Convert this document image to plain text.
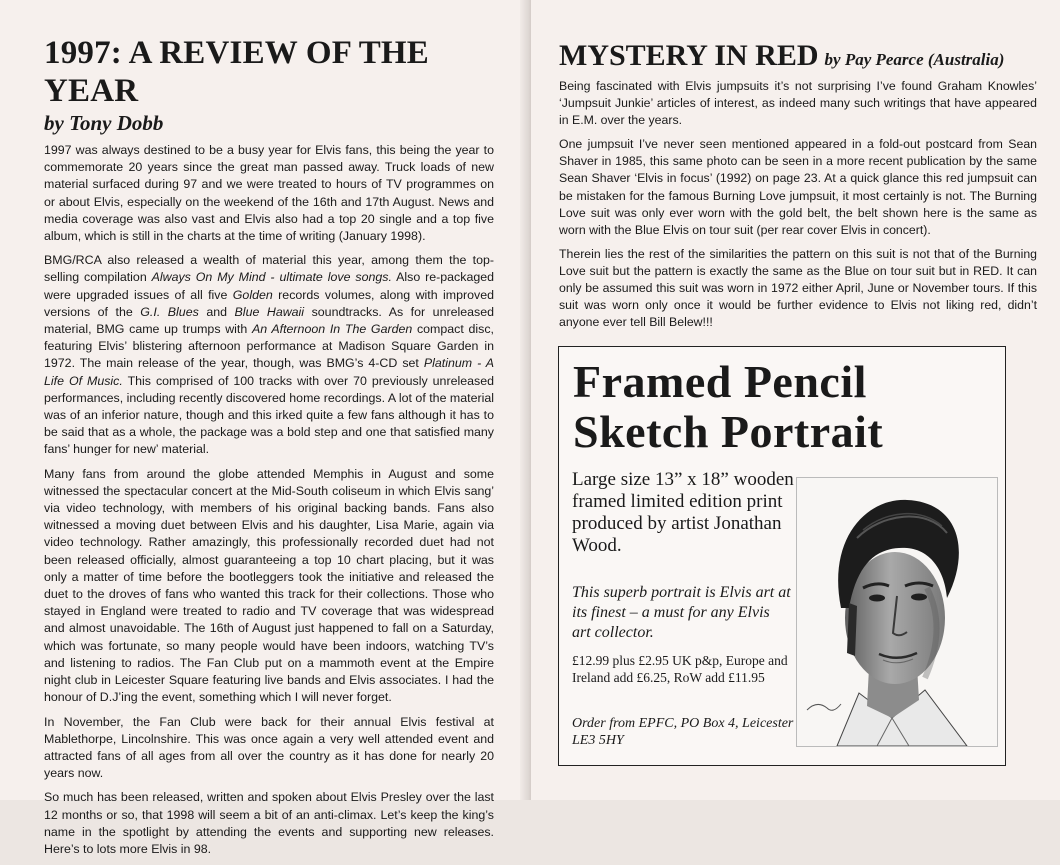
1997: A REVIEW OF THE YEAR
by Tony Dobb

1997 was always destined to be a busy year for Elvis fans, this being the year to commemorate 20 years since the great man passed away. Truck loads of new material surfaced during 97 and we were treated to hours of TV programmes on or about Elvis, especially on the weekend of the 16th and 17th August. News and media coverage was also vast and Elvis also had a top 20 single and a top five album, which is still in the charts at the time of writing (January 1998).

BMG/RCA also released a wealth of material this year, among them the top-selling compilation Always On My Mind - ultimate love songs. Also re-packaged were upgraded issues of all five Golden records volumes, along with improved versions of the G.I. Blues and Blue Hawaii soundtracks. As for unreleased material, BMG came up trumps with An Afternoon In The Garden compact disc, featuring Elvis’ blistering afternoon performance at Madison Square Garden in 1972. The main release of the year, though, was BMG’s 4-CD set Platinum - A Life Of Music. This comprised of 100 tracks with over 70 previously unreleased performances, including recently discovered home recordings. A lot of the material was of an inferior nature, though and this irked quite a few fans although it has to be said that as a whole, the package was a bold step and one that satisfied many fans’ hunger for new’ material.

Many fans from around the globe attended Memphis in August and some witnessed the spectacular concert at the Mid-South coliseum in which Elvis sang’ via video technology, with members of his original backing bands. Fans also witnessed a moving duet between Elvis and his daughter, Lisa Marie, again via video technology. Rather amazingly, this professionally recorded duet had not been released officially, almost guaranteeing a top 10 chart placing, but it was only a matter of time before the bootleggers took the initiative and released the duet to the droves of fans who wanted this track for their collections. Those who stayed in England were treated to radio and TV coverage that was widespread and almost unavoidable. The 16th of August just happened to fall on a Saturday, which was fortunate, so many people would have been indoors, watching TV’s and listening to radios. The Fan Club put on a mammoth event at the Empire night club in Leicester Square featuring live bands and Elvis associates. I had the honour of D.J’ing the event, something which I will never forget.

In November, the Fan Club were back for their annual Elvis festival at Mablethorpe, Lincolnshire. This was once again a very well attended event and attracted fans of all ages from all over the country as it has done for nearly 20 years now.

So much has been released, written and spoken about Elvis Presley over the last 12 months or so, that 1998 will seem a bit of an anti-climax. Let’s keep the king’s name in the spotlight by attending the events and supporting new releases. Here’s to lots more Elvis in 98.

MYSTERY IN RED by Pay Pearce (Australia)

Being fascinated with Elvis jumpsuits it’s not surprising I’ve found Graham Knowles’ ‘Jumpsuit Junkie’ articles of interest, as indeed many such writings that have appeared in E.M. over the years.

One jumpsuit I’ve never seen mentioned appeared in a fold-out postcard from Sean Shaver in 1985, this same photo can be seen in a more recent publication by the same Sean Shaver ‘Elvis in focus’ (1992) on page 23. At a quick glance this red jumpsuit can be mistaken for the famous Burning Love jumpsuit, it most certainly is not. The Burning Love suit was only ever worn with the gold belt, the belt shown here is the same as worn with the Blue Elvis on tour suit (per rear cover Elvis in concert).

Therein lies the rest of the similarities the pattern on this suit is not that of the Burning Love suit but the pattern is exactly the same as the Blue on tour suit but in RED. It can only be assumed this suit was worn in 1972 either April, June or November tours. If this suit was worn only once it would be further evidence to Elvis not liking red, didn’t anyone ever tell Bill Belew!!!

Framed Pencil
Sketch Portrait
Large size 13” x 18” wooden framed limited edition print produced by artist Jonathan Wood.
This superb portrait is Elvis art at its finest – a must for any Elvis art collector.
£12.99 plus £2.95 UK p&p, Europe and Ireland add £6.25, RoW add £11.95
Order from EPFC, PO Box 4, Leicester LE3 5HY
